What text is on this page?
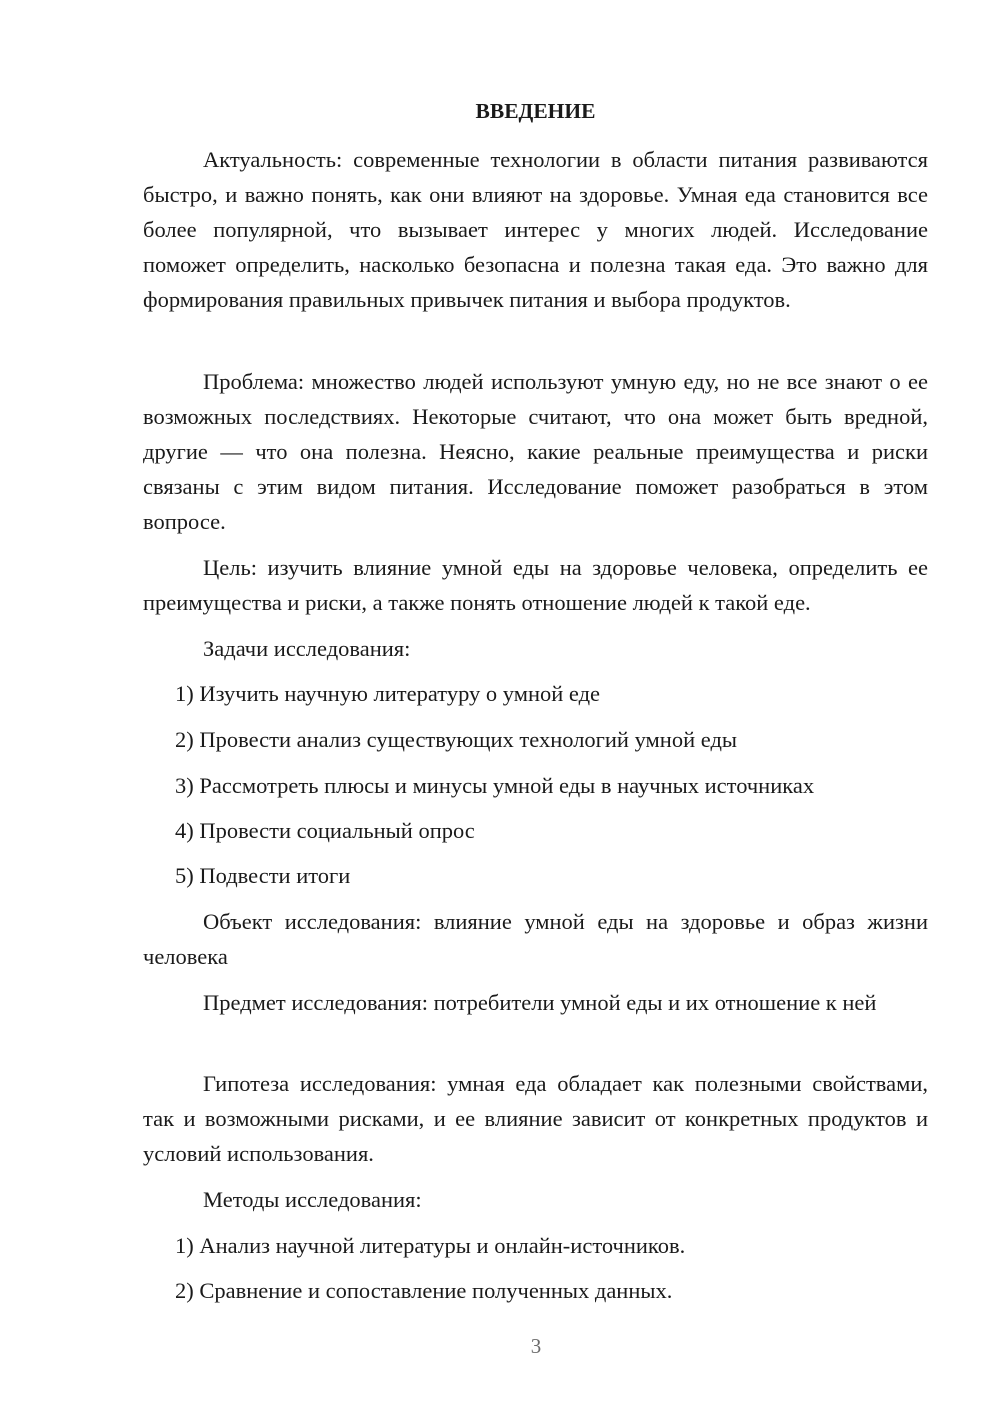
ВВЕДЕНИЕ

Актуальность: современные технологии в области питания развиваются быстро, и важно понять, как они влияют на здоровье. Умная еда становится все более популярной, что вызывает интерес у многих людей. Исследование поможет определить, насколько безопасна и полезна такая еда. Это важно для формирования правильных привычек питания и выбора продуктов.

Проблема: множество людей используют умную еду, но не все знают о ее возможных последствиях. Некоторые считают, что она может быть вредной, другие — что она полезна. Неясно, какие реальные преимущества и риски связаны с этим видом питания. Исследование поможет разобраться в этом вопросе.

Цель: изучить влияние умной еды на здоровье человека, определить ее преимущества и риски, а также понять отношение людей к такой еде.

Задачи исследования:
1) Изучить научную литературу о умной еде
2) Провести анализ существующих технологий умной еды
3) Рассмотреть плюсы и минусы умной еды в научных источниках
4) Провести социальный опрос
5) Подвести итоги

Объект исследования: влияние умной еды на здоровье и образ жизни человека

Предмет исследования: потребители умной еды и их отношение к ней

Гипотеза исследования: умная еда обладает как полезными свойствами, так и возможными рисками, и ее влияние зависит от конкретных продуктов и условий использования.

Методы исследования:
1) Анализ научной литературы и онлайн-источников.
2) Сравнение и сопоставление полученных данных.
3
